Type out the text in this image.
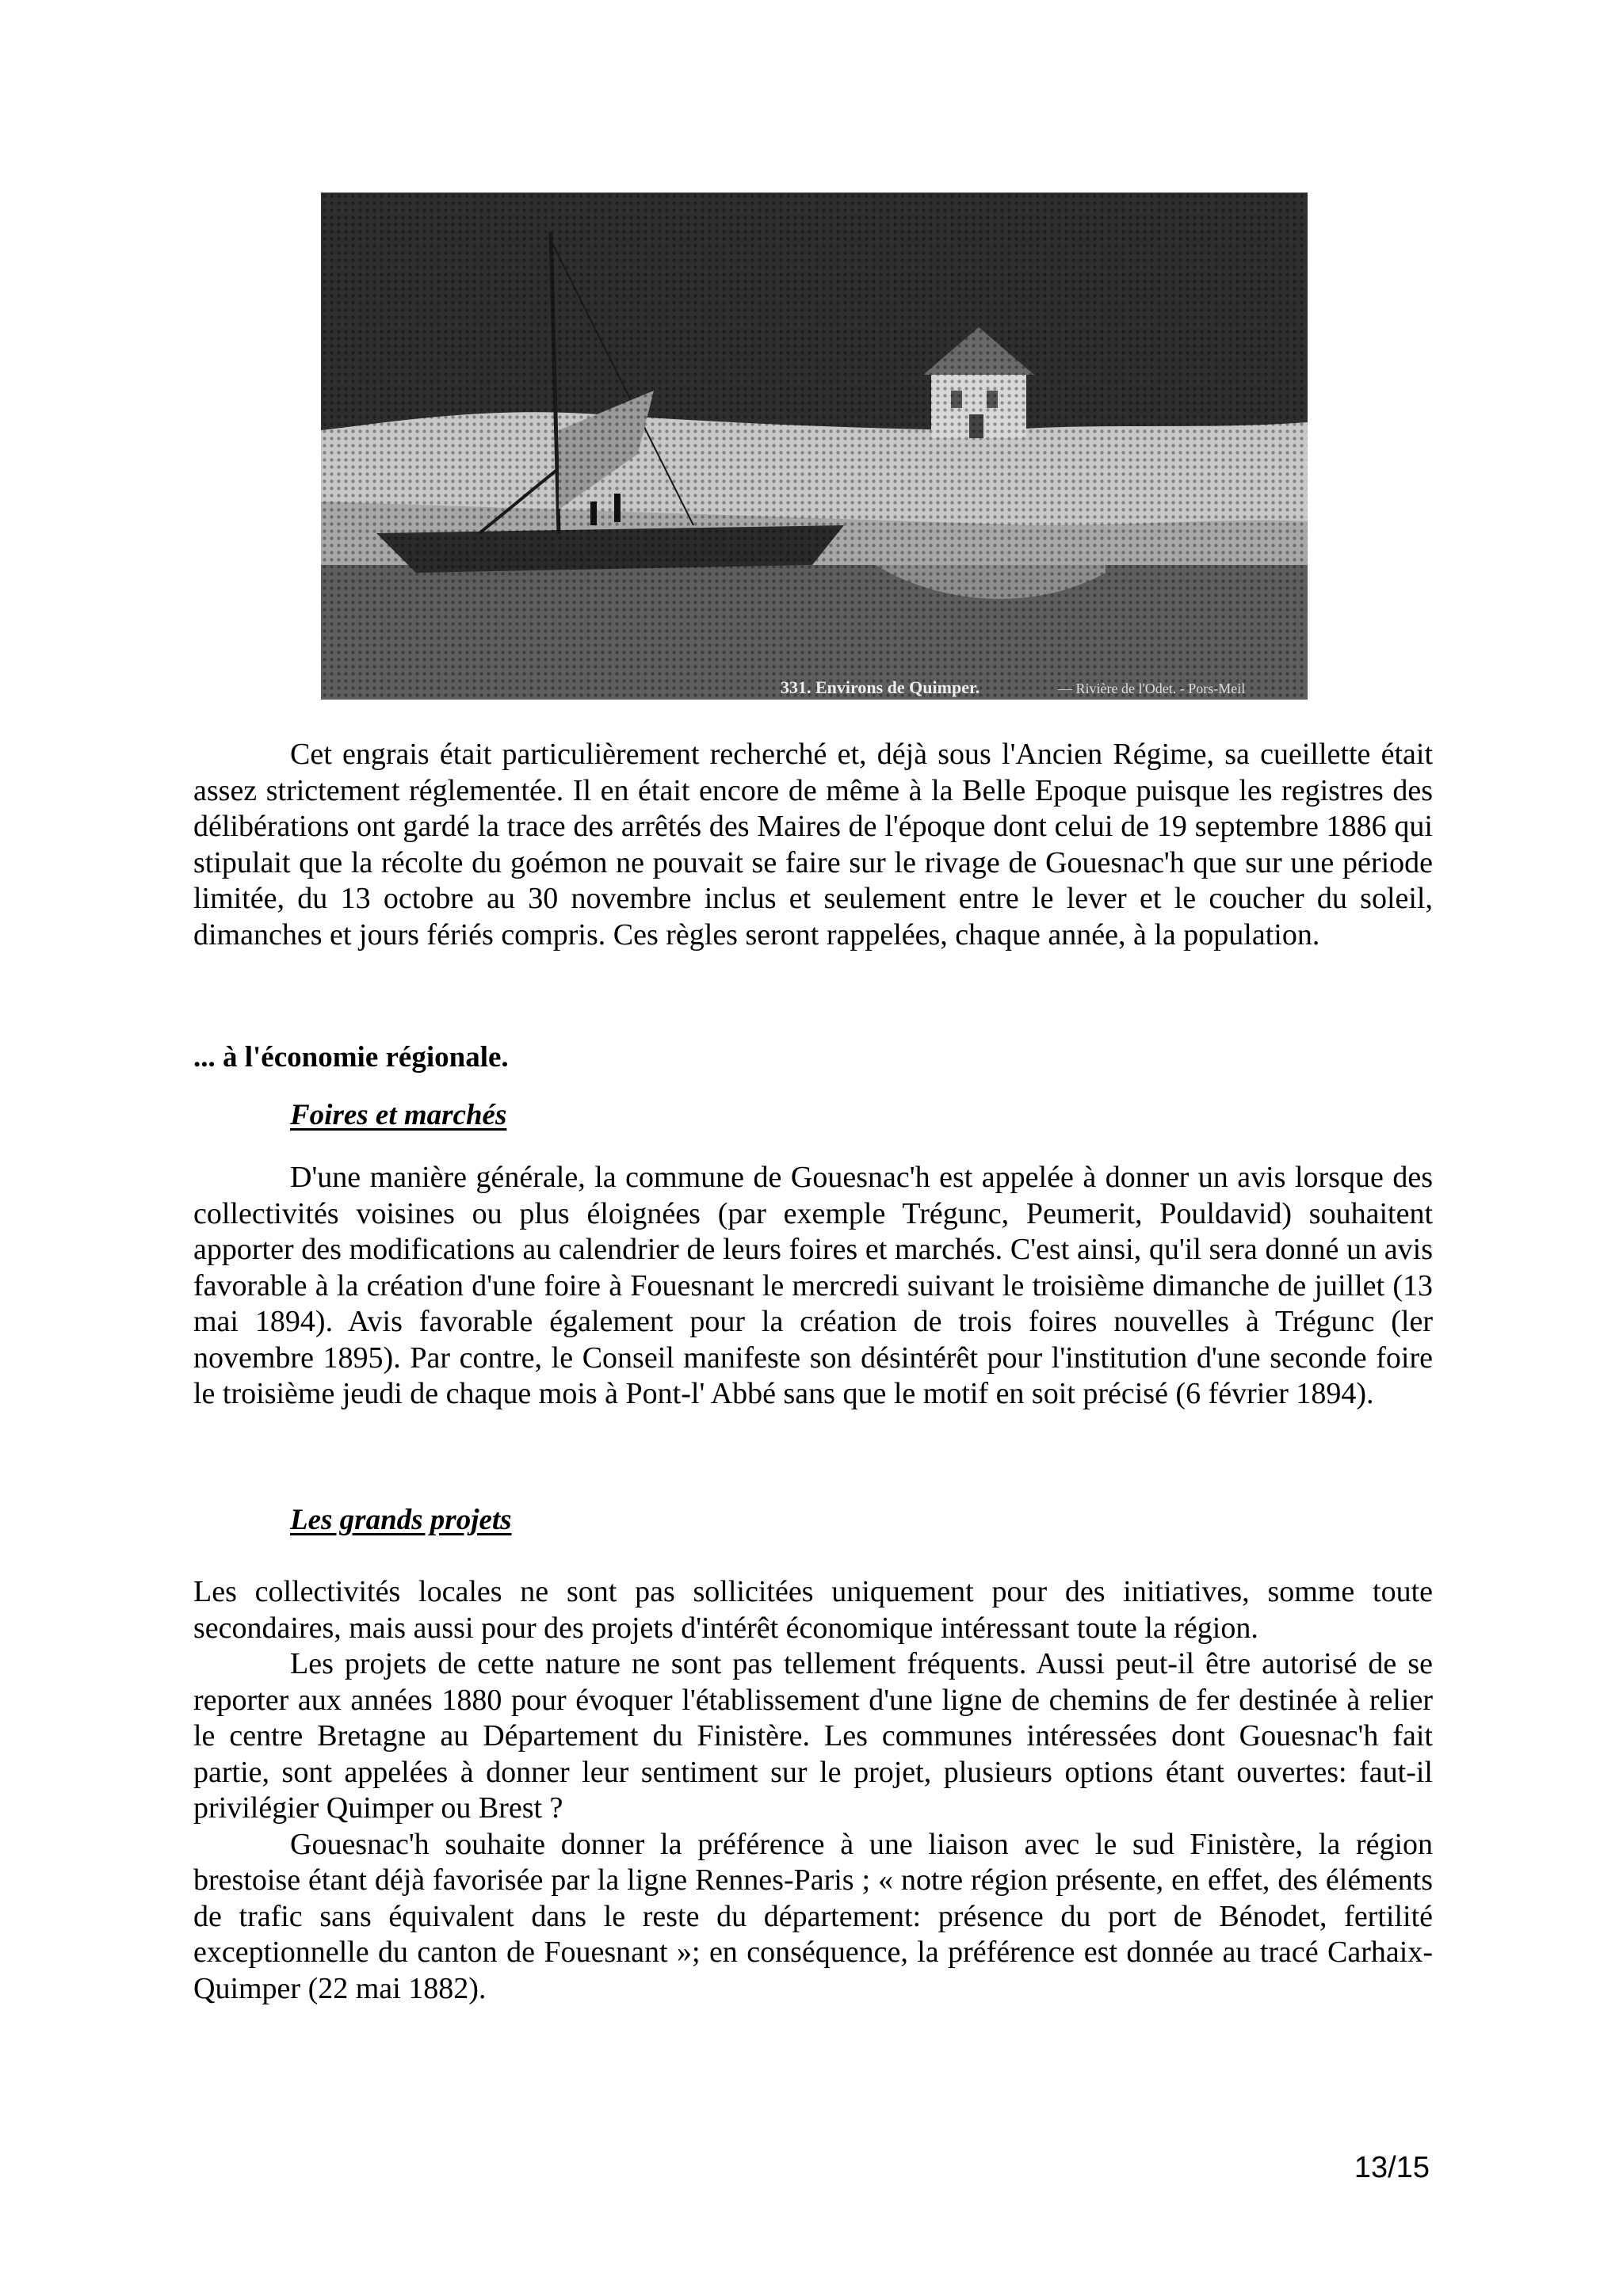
331. Environs de Quimper.	— Rivière de l'Odet. - Pors-Meil

Cet engrais était particulièrement recherché et, déjà sous l'Ancien Régime, sa cueillette était assez strictement réglementée. Il en était encore de même à la Belle Epoque puisque les registres des délibérations ont gardé la trace des arrêtés des Maires de l'époque dont celui de 19 septembre 1886 qui stipulait que la récolte du goémon ne pouvait se faire sur le rivage de Gouesnac'h que sur une période limitée, du 13 octobre au 30 novembre inclus et seulement entre le lever et le coucher du soleil, dimanches et jours fériés compris. Ces règles seront rappelées, chaque année, à la population.

... à l'économie régionale.
Foires et marchés

D'une manière générale, la commune de Gouesnac'h est appelée à donner un avis lorsque des collectivités voisines ou plus éloignées (par exemple Trégunc, Peumerit, Pouldavid) souhaitent apporter des modifications au calendrier de leurs foires et marchés. C'est ainsi, qu'il sera donné un avis favorable à la création d'une foire à Fouesnant le mercredi suivant le troisième dimanche de juillet (13 mai 1894). Avis favorable également pour la création de trois foires nouvelles à Trégunc (ler novembre 1895). Par contre, le Conseil manifeste son désintérêt pour l'institution d'une seconde foire le troisième jeudi de chaque mois à Pont-l' Abbé sans que le motif en soit précisé (6 février 1894).

Les grands projets

Les collectivités locales ne sont pas sollicitées uniquement pour des initiatives, somme toute secondaires, mais aussi pour des projets d'intérêt économique intéressant toute la région.

Les projets de cette nature ne sont pas tellement fréquents. Aussi peut-il être autorisé de se reporter aux années 1880 pour évoquer l'établissement d'une ligne de chemins de fer destinée à relier le centre Bretagne au Département du Finistère. Les communes intéressées dont Gouesnac'h fait partie, sont appelées à donner leur sentiment sur le projet, plusieurs options étant ouvertes: faut-il privilégier Quimper ou Brest ?

Gouesnac'h souhaite donner la préférence à une liaison avec le sud Finistère, la région brestoise étant déjà favorisée par la ligne Rennes-Paris ; « notre région présente, en effet, des éléments de trafic sans équivalent dans le reste du département: présence du port de Bénodet, fertilité exceptionnelle du canton de Fouesnant »; en conséquence, la préférence est donnée au tracé Carhaix-Quimper (22 mai 1882).

13/15
